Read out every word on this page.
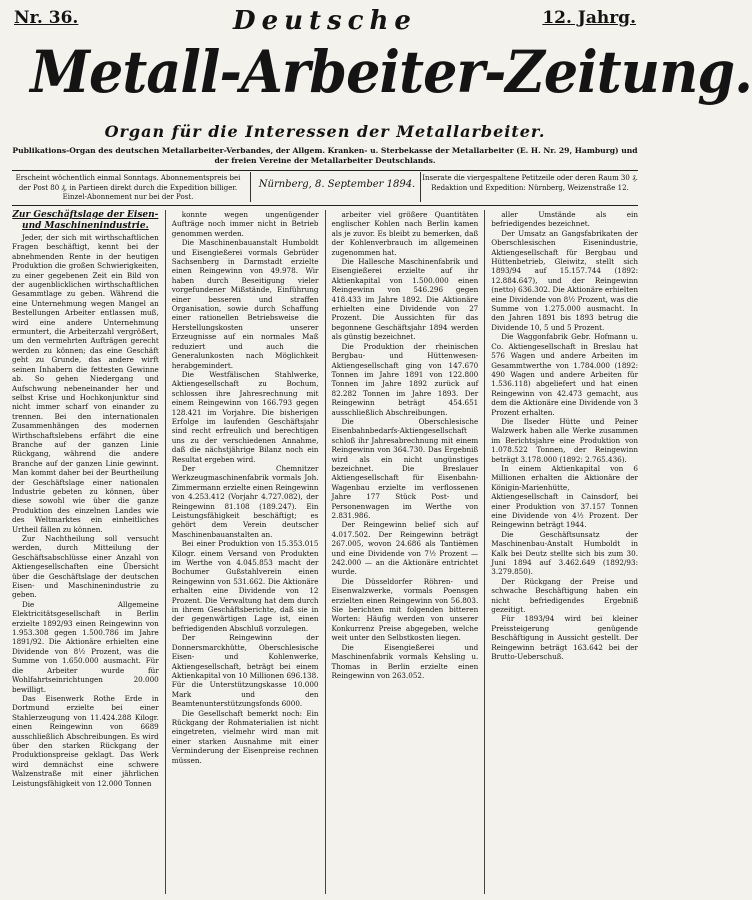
Nr. 36.	Deutsche	12. Jahrg.
Metall-Arbeiter-Zeitung.
Organ für die Interessen der Metallarbeiter.
Publikations-Organ des deutschen Metallarbeiter-Verbandes, der Allgem. Kranken- u. Sterbekasse der Metallarbeiter (E. H. Nr. 29, Hamburg) und der freien Vereine der Metallarbeiter Deutschlands.
Erscheint wöchentlich einmal Sonntags. Abonnementspreis bei der Post 80 ₰, in Partieen direkt durch die Expedition billiger. Einzel-Abonnement nur bei der Post.
Nürnberg, 8. September 1894.
Inserate die viergespaltene Petitzeile oder deren Raum 30 ₰. Redaktion und Expedition: Nürnberg, Weizenstraße 12.

Zur Geschäftslage der Eisen- und Maschinenindustrie.

Jeder, der sich mit wirthschaftlichen Fragen beschäftigt, kennt bei der abnehmenden Rente in der heutigen Produktion die großen Schwierigkeiten, zu einer gegebenen Zeit ein Bild von der augenblicklichen wirthschaftlichen Gesammtlage zu geben. Während die eine Unternehmung wegen Mangel an Bestellungen Arbeiter entlassen muß, wird eine andere Unternehmung ermuntert, die Arbeiterzahl vergrößert, um den vermehrten Aufträgen gerecht werden zu können; das eine Geschäft geht zu Grunde, das andere wirft seinen Inhabern die fettesten Gewinne ab. So gehen Niedergang und Aufschwung nebeneinander her und selbst Krise und Hochkonjunktur sind nicht immer scharf von einander zu trennen. Bei den internationalen Zusammenhängen des modernen Wirthschaftslebens erfährt die eine Branche auf der ganzen Linie Rückgang, während die andere Branche auf der ganzen Linie gewinnt. Man kommt daher bei der Beurtheilung der Geschäftslage einer nationalen Industrie gebeten zu können, über diese sowohl wie über die ganze Produktion des einzelnen Landes wie des Weltmarktes ein einheitliches Urtheil fällen zu können.

Zur Nachtheilung soll versucht werden, durch Mitteilung der Geschäftsabschlüsse einer Anzahl von Aktiengesellschaften eine Übersicht über die Geschäftslage der deutschen Eisen- und Maschinenindustrie zu geben.

Die Allgemeine Elektricitätsgesellschaft in Berlin erzielte 1892/93 einen Reingewinn von 1.953.308 gegen 1.500.786 im Jahre 1891/92. Die Aktionäre erhielten eine Dividende von 8½ Prozent, was die Summe von 1.650.000 ausmacht. Für die Arbeiter wurde für Wohlfahrtseinrichtungen 20.000 bewilligt.

Das Eisenwerk Rothe Erde in Dortmund erzielte bei einer Stahlerzeugung von 11.424.288 Kilogr. einen Reingewinn von 6689 ausschließlich Abschreibungen. Es wird über den starken Rückgang der Produktionspreise geklagt. Das Werk wird demnächst eine schwere Walzenstraße mit einer jährlichen Leistungsfähigkeit von 12.000 Tonnen

konnte wegen ungenügender Aufträge noch immer nicht in Betrieb genommen werden.

Die Maschinenbauanstalt Humboldt und Eisengießerei vormals Gebrüder Sachsenberg in Darmstadt erzielte einen Reingewinn von 49.978. Wir haben durch Beseitigung vieler vorgefundener Mißstände, Einführung einer besseren und straffen Organisation, sowie durch Schaffung einer rationellen Betriebsweise die Herstellungskosten unserer Erzeugnisse auf ein normales Maß reduziert und auch die Generalunkosten nach Möglichkeit herabgemindert.

Die Westfälischen Stahlwerke, Aktiengesellschaft zu Bochum, schlossen ihre Jahresrechnung mit einem Reingewinn von 166.793 gegen 128.421 im Vorjahre. Die bisherigen Erfolge im laufenden Geschäftsjahr sind recht erfreulich und berechtigen uns zu der verschiedenen Annahme, daß die nächstjährige Bilanz noch ein Resultat ergeben wird.

Der Chemnitzer Werkzeugmaschinenfabrik vormals Joh. Zimmermann erzielte einen Reingewinn von 4.253.412 (Vorjahr 4.727.082), der Reingewinn 81.108 (189.247). Ein Leistungsfähigkeit beschäftigt; es gehört dem Verein deutscher Maschinenbauanstalten an.

Bei einer Produktion von 15.353.015 Kilogr. einem Versand von Produkten im Werthe von 4.045.853 macht der Bochumer Gußstahlverein einen Reingewinn von 531.662. Die Aktionäre erhalten eine Dividende von 12 Prozent. Die Verwaltung hat dem durch in ihrem Geschäftsberichte, daß sie in der gegenwärtigen Lage ist, einen befriedigenden Abschluß vorzulegen.

Der Reingewinn der Donnersmarckhütte, Oberschlesische Eisen- und Kohlenwerke, Aktiengesellschaft, beträgt bei einem Aktienkapital von 10 Millionen 696.138. Für die Unterstützungskasse 10.000 Mark und den Beamtenunterstützungsfonds 6000.

Die Gesellschaft bemerkt noch: Ein Rückgang der Rohmaterialien ist nicht eingetreten, vielmehr wird man mit einer starken Ausnahme mit einer Verminderung der Eisenpreise rechnen müssen.

arbeiter viel größere Quantitäten englischer Kohlen nach Berlin kamen als je zuvor. Es bleibt zu bemerken, daß der Kohlenverbrauch im allgemeinen zugenommen hat.

Die Hallesche Maschinenfabrik und Eisengießerei erzielte auf ihr Aktienkapital von 1.500.000 einen Reingewinn von 546.296 gegen 418.433 im Jahre 1892. Die Aktionäre erhielten eine Dividende von 27 Prozent. Die Aussichten für das begonnene Geschäftsjahr 1894 werden als günstig bezeichnet.

Die Produktion der rheinischen Bergbau- und Hüttenwesen-Aktiengesellschaft ging von 147.670 Tonnen im Jahre 1891 von 122.800 Tonnen im Jahre 1892 zurück auf 82.282 Tonnen im Jahre 1893. Der Reingewinn beträgt 454.651 ausschließlich Abschreibungen.

Die Oberschlesische Eisenbahnbedarfs-Aktiengesellschaft schloß ihr Jahresabrechnung mit einem Reingewinn von 364.730. Das Ergebniß wird als ein nicht ungünstiges bezeichnet. Die Breslauer Aktiengesellschaft für Eisenbahn-Wagenbau erzielte im verflossenen Jahre 177 Stück Post- und Personenwagen im Werthe von 2.831.986.

Der Reingewinn belief sich auf 4.017.502. Der Reingewinn beträgt 267.005, wovon 24.686 als Tantièmen und eine Dividende von 7½ Prozent — 242.000 — an die Aktionäre entrichtet wurde.

Die Düsseldorfer Röhren- und Eisenwalzwerke, vormals Poensgen erzielten einen Reingewinn von 56.803. Sie berichten mit folgenden bitteren Worten: Häufig werden von unserer Konkurrenz Preise abgegeben, welche weit unter den Selbstkosten liegen.

Die Eisengießerei und Maschinenfabrik vormals Kehsling u. Thomas in Berlin erzielte einen Reingewinn von 263.052.

aller Umstände als ein befriedigendes bezeichnet.

Der Umsatz an Gangsfabrikaten der Oberschlesischen Eisenindustrie, Aktiengesellschaft für Bergbau und Hüttenbetrieb, Gleiwitz, stellt sich 1893/94 auf 15.157.744 (1892: 12.884.647), und der Reingewinn (netto) 636.302. Die Aktionäre erhielten eine Dividende von 8½ Prozent, was die Summe von 1.275.000 ausmacht. In den Jahren 1891 bis 1893 betrug die Dividende 10, 5 und 5 Prozent.

Die Waggonfabrik Gebr. Hofmann u. Co. Aktiengesellschaft in Breslau hat 576 Wagen und andere Arbeiten im Gesammtwerthe von 1.784.000 (1892: 490 Wagen und andere Arbeiten für 1.536.118) abgeliefert und hat einen Reingewinn von 42.473 gemacht, aus dem die Aktionäre eine Dividende von 3 Prozent erhalten.

Die Ilseder Hütte und Peiner Walzwerk haben alle Werke zusammen im Berichtsjahre eine Produktion von 1.078.522 Tonnen, der Reingewinn beträgt 3.178.000 (1892: 2.765.436).

In einem Aktienkapital von 6 Millionen erhalten die Aktionäre der Königin-Marienhütte, Aktiengesellschaft in Cainsdorf, bei einer Produktion von 37.157 Tonnen eine Dividende von 4½ Prozent. Der Reingewinn beträgt 1944.

Die Geschäftsunsatz der Maschinenbau-Anstalt Humboldt in Kalk bei Deutz stellte sich bis zum 30. Juni 1894 auf 3.462.649 (1892/93: 3.279.850).

Der Rückgang der Preise und schwache Beschäftigung haben ein nicht befriedigendes Ergebniß gezeitigt.

Für 1893/94 wird bei kleiner Preissteigerung genügende Beschäftigung in Aussicht gestellt. Der Reingewinn beträgt 163.642 bei der Brutto-Ueberschuß.
